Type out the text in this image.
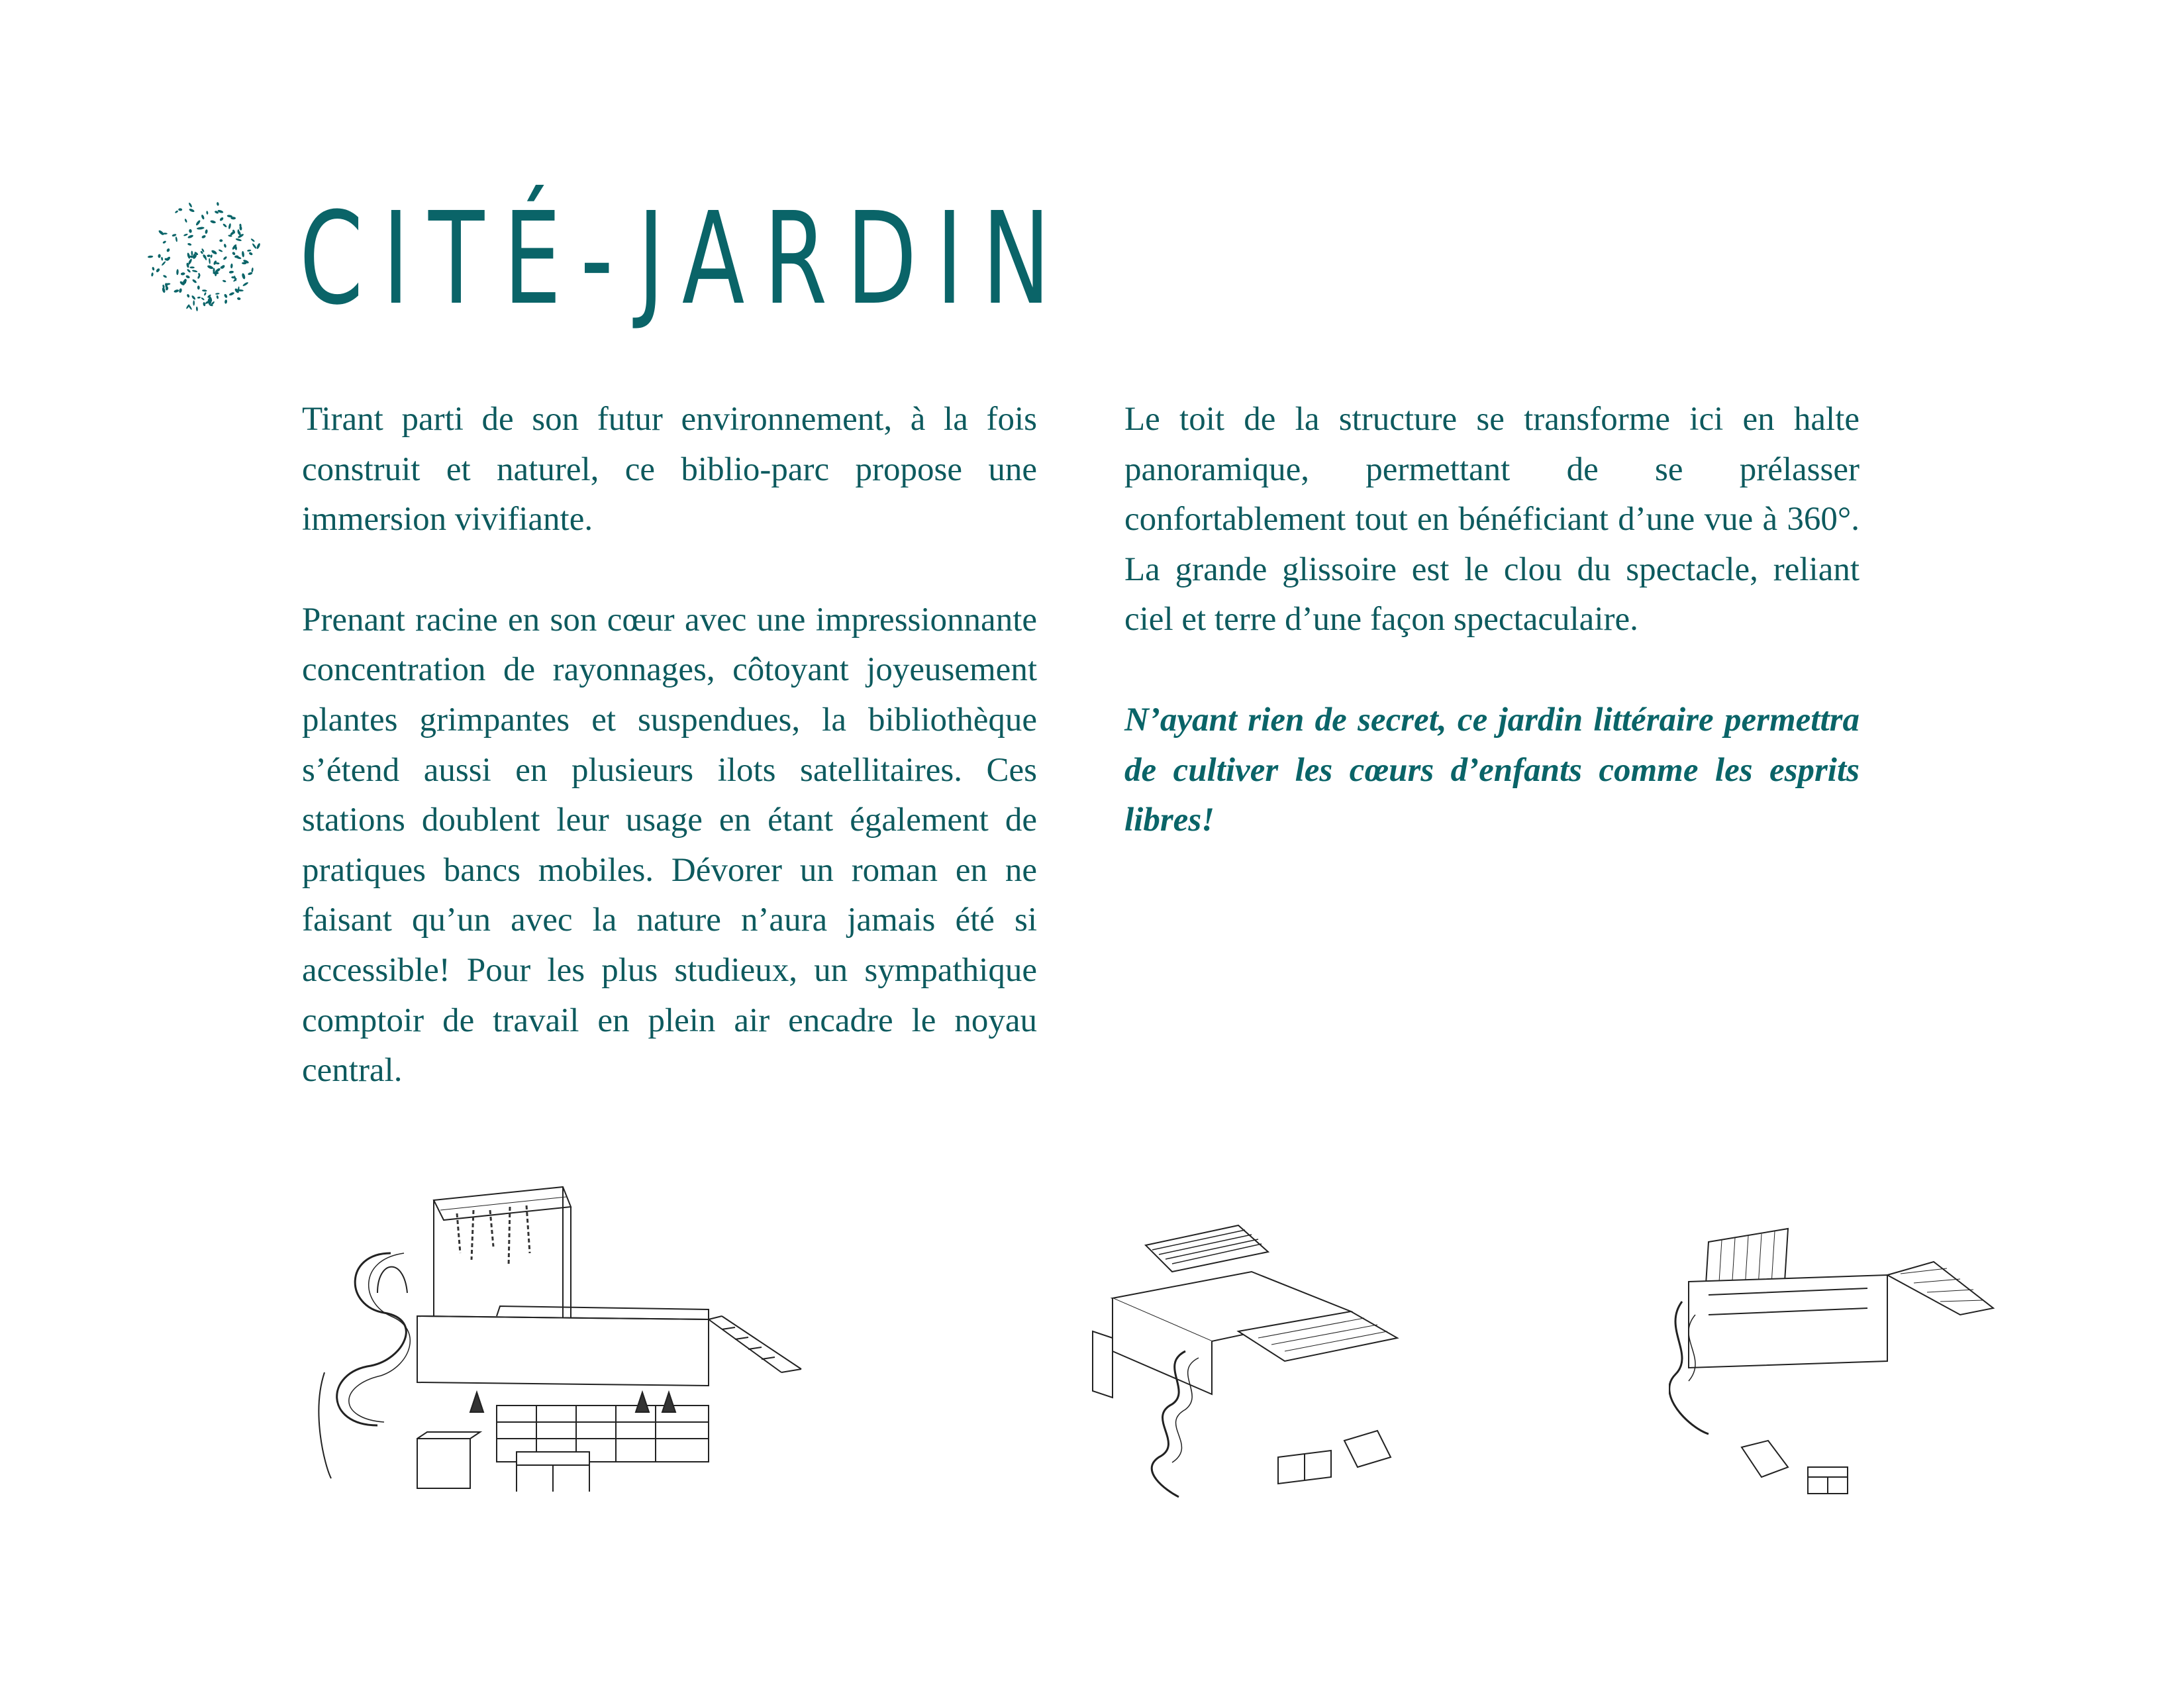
CITÉ-JARDIN

Tirant parti de son futur environnement, à la fois construit et naturel, ce biblio-parc propose une immersion vivifiante.

Prenant racine en son cœur avec une impressionnante concentration de rayonnages, côtoyant joyeusement plantes grimpantes et suspendues, la bibliothèque s’étend aussi en plusieurs ilots satellitaires. Ces stations doublent leur usage en étant également de pratiques bancs mobiles. Dévorer un roman en ne faisant qu’un avec la nature n’aura jamais été si accessible! Pour les plus studieux, un sympathique comptoir de travail en plein air encadre le noyau central.

Le toit de la structure se transforme ici en halte panoramique, permettant de se prélasser confortablement tout en bénéficiant d’une vue à 360°. La grande glissoire est le clou du spectacle, reliant ciel et terre d’une façon spectaculaire.

N’ayant rien de secret, ce jardin littéraire permettra de cultiver les cœurs d’enfants comme les esprits libres!
